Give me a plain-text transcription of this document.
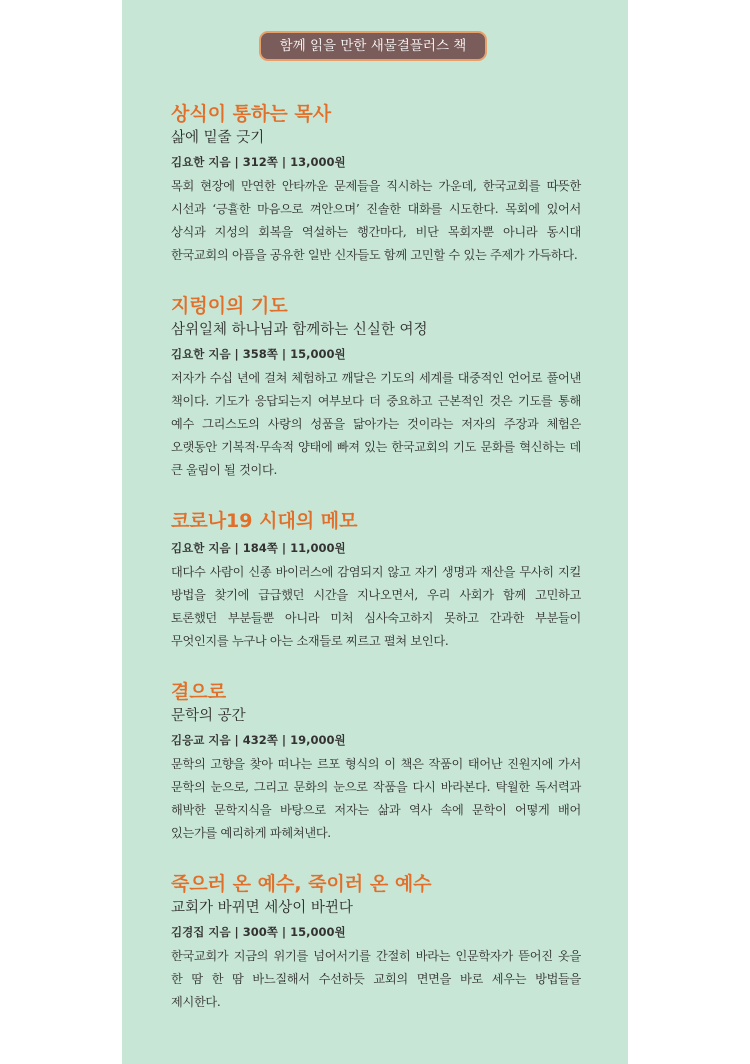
함께 읽을 만한 새물결플러스 책
상식이 통하는 목사
삶에 밑줄 긋기
김요한 지음 | 312쪽 | 13,000원
목회 현장에 만연한 안타까운 문제들을 직시하는 가운데, 한국교회를 따뜻한 시선과 ‘긍휼한 마음으로 껴안으며’ 진솔한 대화를 시도한다. 목회에 있어서 상식과 지성의 회복을 역설하는 행간마다, 비단 목회자뿐 아니라 동시대 한국교회의 아픔을 공유한 일반 신자들도 함께 고민할 수 있는 주제가 가득하다.
지렁이의 기도
삼위일체 하나님과 함께하는 신실한 여정
김요한 지음 | 358쪽 | 15,000원
저자가 수십 년에 걸쳐 체험하고 깨달은 기도의 세계를 대중적인 언어로 풀어낸 책이다. 기도가 응답되는지 여부보다 더 중요하고 근본적인 것은 기도를 통해 예수 그리스도의 사랑의 성품을 닮아가는 것이라는 저자의 주장과 체험은 오랫동안 기복적·무속적 양태에 빠져 있는 한국교회의 기도 문화를 혁신하는 데 큰 울림이 될 것이다.
코로나19 시대의 메모
김요한 지음 | 184쪽 | 11,000원
대다수 사람이 신종 바이러스에 감염되지 않고 자기 생명과 재산을 무사히 지킬 방법을 찾기에 급급했던 시간을 지나오면서, 우리 사회가 함께 고민하고 토론했던 부분들뿐 아니라 미처 심사숙고하지 못하고 간과한 부분들이 무엇인지를 누구나 아는 소재들로 찌르고 펼쳐 보인다.
결으로
문학의 공간
김응교 지음 | 432쪽 | 19,000원
문학의 고향을 찾아 떠나는 르포 형식의 이 책은 작품이 태어난 진원지에 가서 문학의 눈으로, 그리고 문화의 눈으로 작품을 다시 바라본다. 탁월한 독서력과 해박한 문학지식을 바탕으로 저자는 삶과 역사 속에 문학이 어떻게 배어 있는가를 예리하게 파헤쳐낸다.
죽으러 온 예수, 죽이러 온 예수
교회가 바뀌면 세상이 바뀐다
김경집 지음 | 300쪽 | 15,000원
한국교회가 지금의 위기를 넘어서기를 간절히 바라는 인문학자가 뜯어진 옷을 한 땀 한 땀 바느질해서 수선하듯 교회의 면면을 바로 세우는 방법들을 제시한다.
